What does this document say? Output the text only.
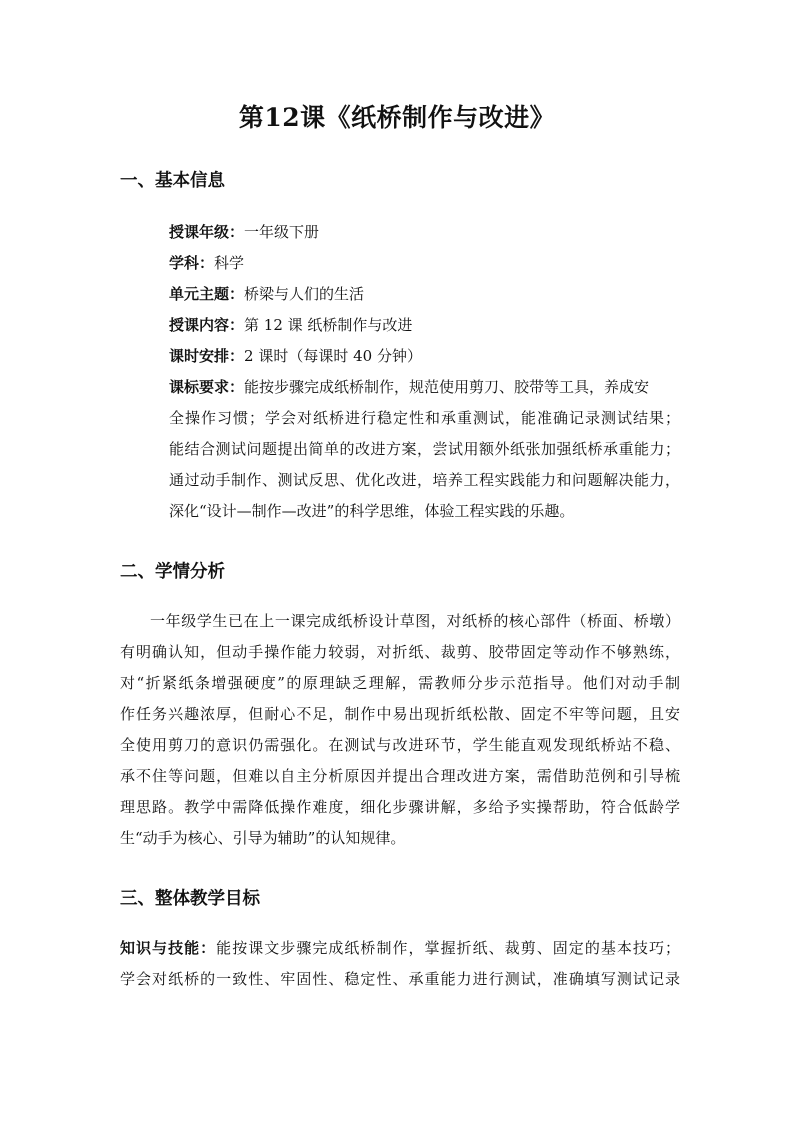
第12课《纸桥制作与改进》
一、基本信息
授课年级：一年级下册
学科：科学
单元主题：桥梁与人们的生活
授课内容：第 12 课 纸桥制作与改进
课时安排：2 课时（每课时 40 分钟）
课标要求：能按步骤完成纸桥制作，规范使用剪刀、胶带等工具，养成安
全操作习惯；学会对纸桥进行稳定性和承重测试，能准确记录测试结果；
能结合测试问题提出简单的改进方案，尝试用额外纸张加强纸桥承重能力；
通过动手制作、测试反思、优化改进，培养工程实践能力和问题解决能力，
深化“设计—制作—改进”的科学思维，体验工程实践的乐趣。
二、学情分析
一年级学生已在上一课完成纸桥设计草图，对纸桥的核心部件（桥面、桥墩）
有明确认知，但动手操作能力较弱，对折纸、裁剪、胶带固定等动作不够熟练，
对“折紧纸条增强硬度”的原理缺乏理解，需教师分步示范指导。他们对动手制
作任务兴趣浓厚，但耐心不足，制作中易出现折纸松散、固定不牢等问题，且安
全使用剪刀的意识仍需强化。在测试与改进环节，学生能直观发现纸桥站不稳、
承不住等问题，但难以自主分析原因并提出合理改进方案，需借助范例和引导梳
理思路。教学中需降低操作难度，细化步骤讲解，多给予实操帮助，符合低龄学
生“动手为核心、引导为辅助”的认知规律。
三、整体教学目标
知识与技能：能按课文步骤完成纸桥制作，掌握折纸、裁剪、固定的基本技巧；
学会对纸桥的一致性、牢固性、稳定性、承重能力进行测试，准确填写测试记录
